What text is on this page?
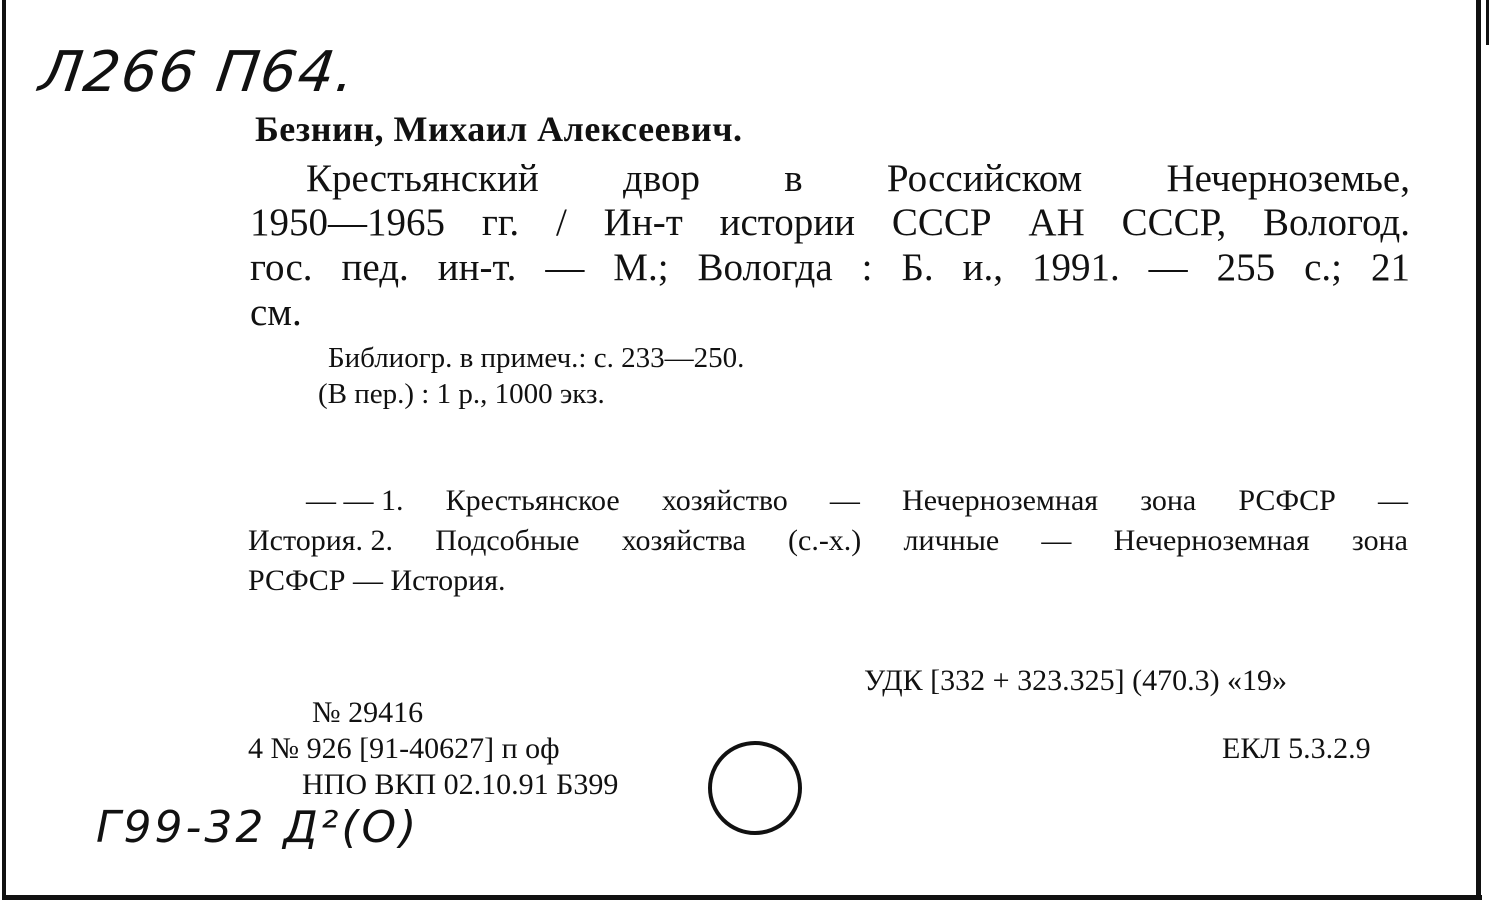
Л266 П64.
Безнин, Михаил Алексеевич.
Крестьянский двор в Российском Нечерноземье,
1950—1965 гг. / Ин-т истории СССР АН СССР, Вологод.
гос. пед. ин-т. — М.; Вологда : Б. и., 1991. — 255 с.; 21
см.
Библиогр. в примеч.: с. 233—250.
(В пер.) : 1 р., 1000 экз.
— — 1. Крестьянское хозяйство — Нечерноземная зона РСФСР —
История. 2. Подсобные хозяйства (с.-х.) личные — Нечерноземная зона
РСФСР — История.
УДК [332 + 323.325] (470.3) «19»
№ 29416
4 № 926 [91-40627] п оф	ЕКЛ 5.3.2.9
НПО ВКП 02.10.91 Б399
Г99-32 Д²(О)
